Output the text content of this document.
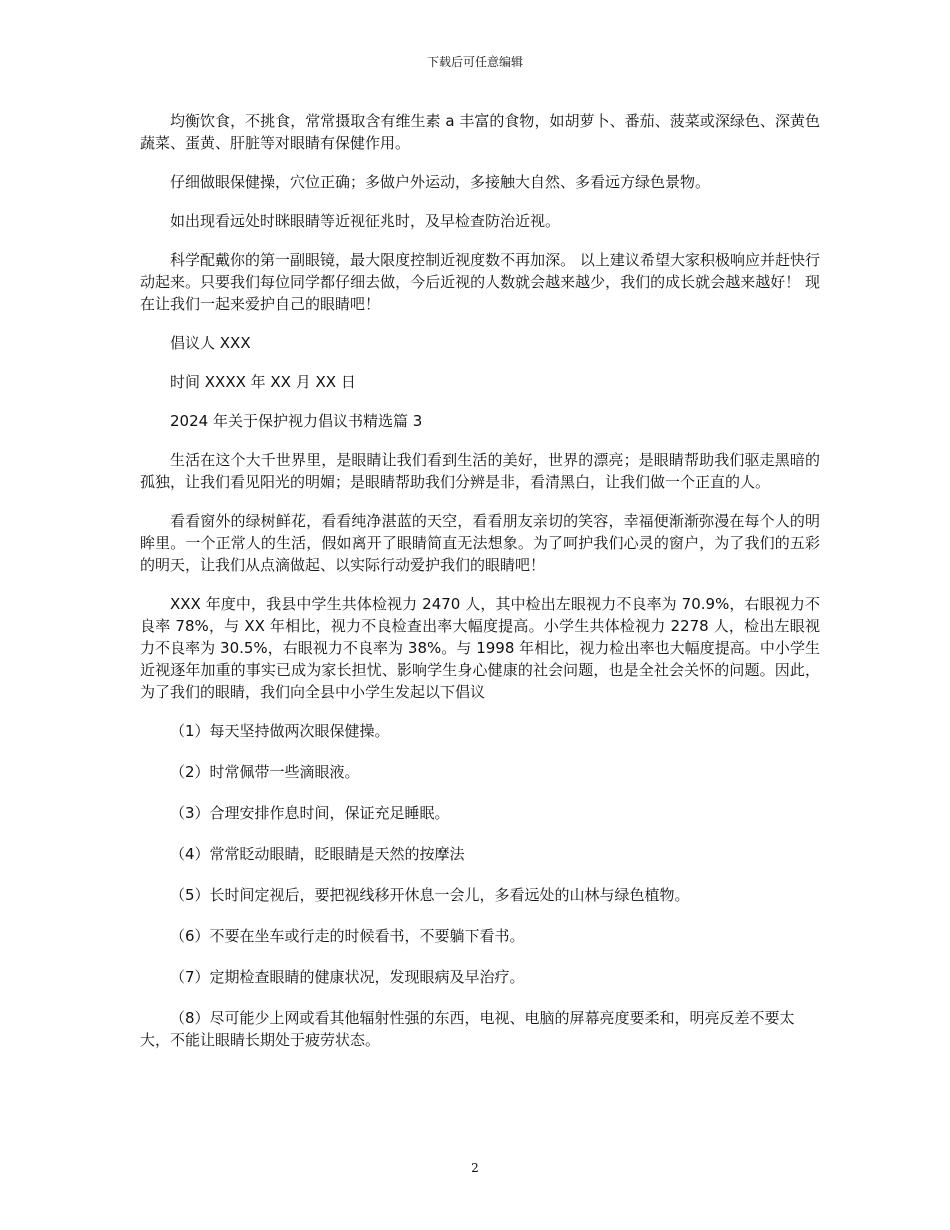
下载后可任意编辑

均衡饮食，不挑食，常常摄取含有维生素 a 丰富的食物，如胡萝卜、番茄、菠菜或深绿色、深黄色蔬菜、蛋黄、肝脏等对眼睛有保健作用。

仔细做眼保健操，穴位正确；多做户外运动，多接触大自然、多看远方绿色景物。

如出现看远处时眯眼睛等近视征兆时，及早检查防治近视。

科学配戴你的第一副眼镜，最大限度控制近视度数不再加深。 以上建议希望大家积极响应并赶快行动起来。只要我们每位同学都仔细去做，今后近视的人数就会越来越少，我们的成长就会越来越好！ 现在让我们一起来爱护自己的眼睛吧！

倡议人 XXX

时间 XXXX 年 XX 月 XX 日

2024 年关于保护视力倡议书精选篇 3

生活在这个大千世界里，是眼睛让我们看到生活的美好，世界的漂亮；是眼睛帮助我们驱走黑暗的孤独，让我们看见阳光的明媚；是眼睛帮助我们分辨是非，看清黑白，让我们做一个正直的人。

看看窗外的绿树鲜花，看看纯净湛蓝的天空，看看朋友亲切的笑容，幸福便渐渐弥漫在每个人的明眸里。一个正常人的生活，假如离开了眼睛简直无法想象。为了呵护我们心灵的窗户，为了我们的五彩的明天，让我们从点滴做起、以实际行动爱护我们的眼睛吧！

XXX 年度中，我县中学生共体检视力 2470 人，其中检出左眼视力不良率为 70.9%，右眼视力不良率 78%，与 XX 年相比，视力不良检查出率大幅度提高。小学生共体检视力 2278 人，检出左眼视力不良率为 30.5%，右眼视力不良率为 38%。与 1998 年相比，视力检出率也大幅度提高。中小学生近视逐年加重的事实已成为家长担忧、影响学生身心健康的社会问题，也是全社会关怀的问题。因此，为了我们的眼睛，我们向全县中小学生发起以下倡议

（1）每天坚持做两次眼保健操。

（2）时常佩带一些滴眼液。

（3）合理安排作息时间，保证充足睡眠。

（4）常常眨动眼睛，眨眼睛是天然的按摩法

（5）长时间定视后，要把视线移开休息一会儿，多看远处的山林与绿色植物。

（6）不要在坐车或行走的时候看书，不要躺下看书。

（7）定期检查眼睛的健康状况，发现眼病及早治疗。

（8）尽可能少上网或看其他辐射性强的东西，电视、电脑的屏幕亮度要柔和，明亮反差不要太大，不能让眼睛长期处于疲劳状态。

2
